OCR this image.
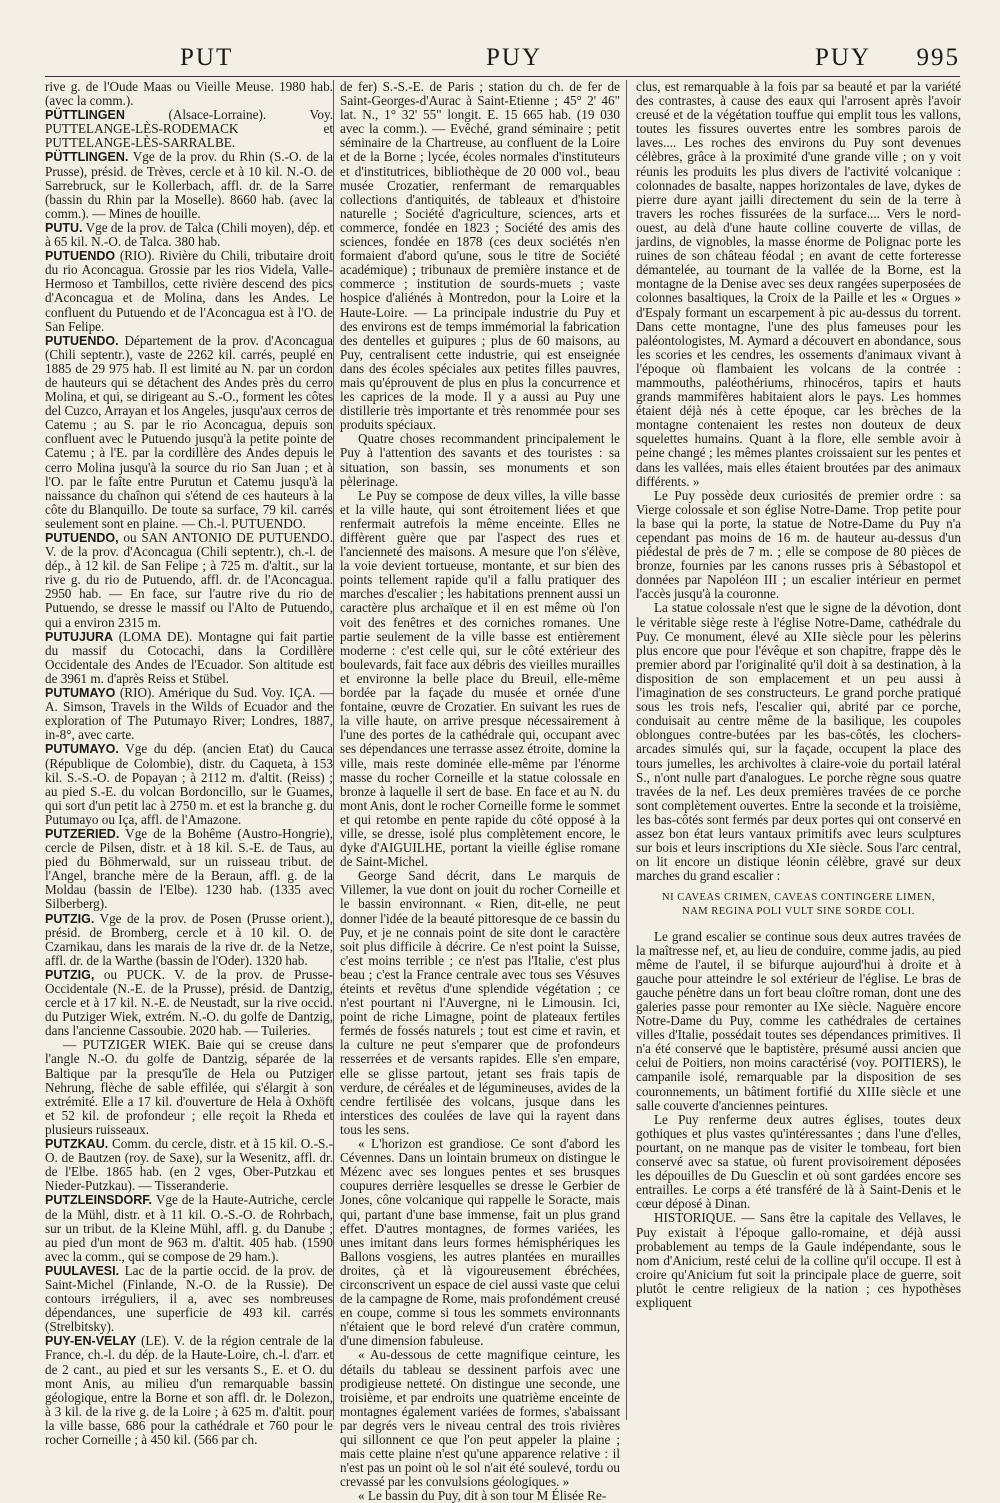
PUT	PUY	PUY 995

rive g. de l'Oude Maas ou Vieille Meuse. 1980 hab. (avec la comm.).

PÜTTLINGEN (Alsace-Lorraine). Voy. PUTTELANGE-LÈS-RODEMACK et PUTTELANGE-LÈS-SARRALBE.

PÜTTLINGEN. Vge de la prov. du Rhin (S.-O. de la Prusse), présid. de Trèves, cercle et à 10 kil. N.-O. de Sarrebruck, sur le Kollerbach, affl. dr. de la Sarre (bassin du Rhin par la Moselle). 8660 hab. (avec la comm.). — Mines de houille.

PUTU. Vge de la prov. de Talca (Chili moyen), dép. et à 65 kil. N.-O. de Talca. 380 hab.

PUTUENDO (RIO). Rivière du Chili, tributaire droit du rio Aconcagua. Grossie par les rios Videla, Valle-Hermoso et Tambillos, cette rivière descend des pics d'Aconcagua et de Molina, dans les Andes. Le confluent du Putuendo et de l'Aconcagua est à l'O. de San Felipe.

PUTUENDO. Département de la prov. d'Aconcagua (Chili septentr.), vaste de 2262 kil. carrés, peuplé en 1885 de 29 975 hab. Il est limité au N. par un cordon de hauteurs qui se détachent des Andes près du cerro Molina, et qui, se dirigeant au S.-O., forment les côtes del Cuzco, Arrayan et los Angeles, jusqu'aux cerros de Catemu ; au S. par le rio Aconcagua, depuis son confluent avec le Putuendo jusqu'à la petite pointe de Catemu ; à l'E. par la cordillère des Andes depuis le cerro Molina jusqu'à la source du rio San Juan ; et à l'O. par le faîte entre Purutun et Catemu jusqu'à la naissance du chaînon qui s'étend de ces hauteurs à la côte du Blanquillo. De toute sa surface, 79 kil. carrés seulement sont en plaine. — Ch.-l. PUTUENDO.

PUTUENDO, ou SAN ANTONIO DE PUTUENDO. V. de la prov. d'Aconcagua (Chili septentr.), ch.-l. de dép., à 12 kil. de San Felipe ; à 725 m. d'altit., sur la rive g. du rio de Putuendo, affl. dr. de l'Aconcagua. 2950 hab. — En face, sur l'autre rive du rio de Putuendo, se dresse le massif ou l'Alto de Putuendo, qui a environ 2315 m.

PUTUJURA (LOMA DE). Montagne qui fait partie du massif du Cotocachi, dans la Cordillère Occidentale des Andes de l'Ecuador. Son altitude est de 3961 m. d'après Reiss et Stübel.

PUTUMAYO (RIO). Amérique du Sud. Voy. IÇA. — A. Simson, Travels in the Wilds of Ecuador and the exploration of The Putumayo River; Londres, 1887, in-8°, avec carte.

PUTUMAYO. Vge du dép. (ancien Etat) du Cauca (République de Colombie), distr. du Caqueta, à 153 kil. S.-S.-O. de Popayan ; à 2112 m. d'altit. (Reiss) ; au pied S.-E. du volcan Bordoncillo, sur le Guames, qui sort d'un petit lac à 2750 m. et est la branche g. du Putumayo ou Iça, affl. de l'Amazone.

PUTZERIED. Vge de la Bohême (Austro-Hongrie), cercle de Pilsen, distr. et à 18 kil. S.-E. de Taus, au pied du Böhmerwald, sur un ruisseau tribut. de l'Angel, branche mère de la Beraun, affl. g. de la Moldau (bassin de l'Elbe). 1230 hab. (1335 avec Silberberg).

PUTZIG. Vge de la prov. de Posen (Prusse orient.), présid. de Bromberg, cercle et à 10 kil. O. de Czarnikau, dans les marais de la rive dr. de la Netze, affl. dr. de la Warthe (bassin de l'Oder). 1320 hab.

PUTZIG, ou PUCK. V. de la prov. de Prusse-Occidentale (N.-E. de la Prusse), présid. de Dantzig, cercle et à 17 kil. N.-E. de Neustadt, sur la rive occid. du Putziger Wiek, extrém. N.-O. du golfe de Dantzig, dans l'ancienne Cassoubie. 2020 hab. — Tuileries.

— PUTZIGER WIEK. Baie qui se creuse dans l'angle N.-O. du golfe de Dantzig, séparée de la Baltique par la presqu'île de Hela ou Putziger Nehrung, flèche de sable effilée, qui s'élargit à son extrémité. Elle a 17 kil. d'ouverture de Hela à Oxhöft et 52 kil. de profondeur ; elle reçoit la Rheda et plusieurs ruisseaux.

PUTZKAU. Comm. du cercle, distr. et à 15 kil. O.-S.-O. de Bautzen (roy. de Saxe), sur la Wesenitz, affl. dr. de l'Elbe. 1865 hab. (en 2 vges, Ober-Putzkau et Nieder-Putzkau). — Tisseranderie.

PUTZLEINSDORF. Vge de la Haute-Autriche, cercle de la Mühl, distr. et à 11 kil. O.-S.-O. de Rohrbach, sur un tribut. de la Kleine Mühl, affl. g. du Danube ; au pied d'un mont de 963 m. d'altit. 405 hab. (1590 avec la comm., qui se compose de 29 ham.).

PUULAVESI. Lac de la partie occid. de la prov. de Saint-Michel (Finlande, N.-O. de la Russie). De contours irréguliers, il a, avec ses nombreuses dépendances, une superficie de 493 kil. carrés (Strelbitsky).

PUY-EN-VELAY (LE). V. de la région centrale de la France, ch.-l. du dép. de la Haute-Loire, ch.-l. d'arr. et de 2 cant., au pied et sur les versants S., E. et O. du mont Anis, au milieu d'un remarquable bassin géologique, entre la Borne et son affl. dr. le Dolezon, à 3 kil. de la rive g. de la Loire ; à 625 m. d'altit. pour la ville basse, 686 pour la cathédrale et 760 pour le rocher Corneille ; à 450 kil. (566 par ch.

de fer) S.-S.-E. de Paris ; station du ch. de fer de Saint-Georges-d'Aurac à Saint-Etienne ; 45° 2' 46" lat. N., 1° 32' 55" longit. E. 15 665 hab. (19 030 avec la comm.). — Evêché, grand séminaire ; petit séminaire de la Chartreuse, au confluent de la Loire et de la Borne ; lycée, écoles normales d'instituteurs et d'institutrices, bibliothèque de 20 000 vol., beau musée Crozatier, renfermant de remarquables collections d'antiquités, de tableaux et d'histoire naturelle ; Société d'agriculture, sciences, arts et commerce, fondée en 1823 ; Société des amis des sciences, fondée en 1878 (ces deux sociétés n'en formaient d'abord qu'une, sous le titre de Société académique) ; tribunaux de première instance et de commerce ; institution de sourds-muets ; vaste hospice d'aliénés à Montredon, pour la Loire et la Haute-Loire. — La principale industrie du Puy et des environs est de temps immémorial la fabrication des dentelles et guipures ; plus de 60 maisons, au Puy, centralisent cette industrie, qui est enseignée dans des écoles spéciales aux petites filles pauvres, mais qu'éprouvent de plus en plus la concurrence et les caprices de la mode. Il y a aussi au Puy une distillerie très importante et très renommée pour ses produits spéciaux.

Quatre choses recommandent principalement le Puy à l'attention des savants et des touristes : sa situation, son bassin, ses monuments et son pèlerinage.

Le Puy se compose de deux villes, la ville basse et la ville haute, qui sont étroitement liées et que renfermait autrefois la même enceinte. Elles ne diffèrent guère que par l'aspect des rues et l'ancienneté des maisons. A mesure que l'on s'élève, la voie devient tortueuse, montante, et sur bien des points tellement rapide qu'il a fallu pratiquer des marches d'escalier ; les habitations prennent aussi un caractère plus archaïque et il en est même où l'on voit des fenêtres et des corniches romanes. Une partie seulement de la ville basse est entièrement moderne : c'est celle qui, sur le côté extérieur des boulevards, fait face aux débris des vieilles murailles et environne la belle place du Breuil, elle-même bordée par la façade du musée et ornée d'une fontaine, œuvre de Crozatier. En suivant les rues de la ville haute, on arrive presque nécessairement à l'une des portes de la cathédrale qui, occupant avec ses dépendances une terrasse assez étroite, domine la ville, mais reste dominée elle-même par l'énorme masse du rocher Corneille et la statue colossale en bronze à laquelle il sert de base. En face et au N. du mont Anis, dont le rocher Corneille forme le sommet et qui retombe en pente rapide du côté opposé à la ville, se dresse, isolé plus complètement encore, le dyke d'AIGUILHE, portant la vieille église romane de Saint-Michel.

George Sand décrit, dans Le marquis de Villemer, la vue dont on jouit du rocher Corneille et le bassin environnant. « Rien, dit-elle, ne peut donner l'idée de la beauté pittoresque de ce bassin du Puy, et je ne connais point de site dont le caractère soit plus difficile à décrire. Ce n'est point la Suisse, c'est moins terrible ; ce n'est pas l'Italie, c'est plus beau ; c'est la France centrale avec tous ses Vésuves éteints et revêtus d'une splendide végétation ; ce n'est pourtant ni l'Auvergne, ni le Limousin. Ici, point de riche Limagne, point de plateaux fertiles fermés de fossés naturels ; tout est cime et ravin, et la culture ne peut s'emparer que de profondeurs resserrées et de versants rapides. Elle s'en empare, elle se glisse partout, jetant ses frais tapis de verdure, de céréales et de légumineuses, avides de la cendre fertilisée des volcans, jusque dans les interstices des coulées de lave qui la rayent dans tous les sens.

« L'horizon est grandiose. Ce sont d'abord les Cévennes. Dans un lointain brumeux on distingue le Mézenc avec ses longues pentes et ses brusques coupures derrière lesquelles se dresse le Gerbier de Jones, cône volcanique qui rappelle le Soracte, mais qui, partant d'une base immense, fait un plus grand effet. D'autres montagnes, de formes variées, les unes imitant dans leurs formes hémisphériques les Ballons vosgiens, les autres plantées en murailles droites, çà et là vigoureusement ébréchées, circonscrivent un espace de ciel aussi vaste que celui de la campagne de Rome, mais profondément creusé en coupe, comme si tous les sommets environnants n'étaient que le bord relevé d'un cratère commun, d'une dimension fabuleuse.

« Au-dessous de cette magnifique ceinture, les détails du tableau se dessinent parfois avec une prodigieuse netteté. On distingue une seconde, une troisième, et par endroits une quatrième enceinte de montagnes également variées de formes, s'abaissant par degrés vers le niveau central des trois rivières qui sillonnent ce que l'on peut appeler la plaine ; mais cette plaine n'est qu'une apparence relative : il n'est pas un point où le sol n'ait été soulevé, tordu ou crevassé par les convulsions géologiques. »

« Le bassin du Puy, dit à son tour M Élisée Re-

clus, est remarquable à la fois par sa beauté et par la variété des contrastes, à cause des eaux qui l'arrosent après l'avoir creusé et de la végétation touffue qui emplit tous les vallons, toutes les fissures ouvertes entre les sombres parois de laves.... Les roches des environs du Puy sont devenues célèbres, grâce à la proximité d'une grande ville ; on y voit réunis les produits les plus divers de l'activité volcanique : colonnades de basalte, nappes horizontales de lave, dykes de pierre dure ayant jailli directement du sein de la terre à travers les roches fissurées de la surface.... Vers le nord-ouest, au delà d'une haute colline couverte de villas, de jardins, de vignobles, la masse énorme de Polignac porte les ruines de son château féodal ; en avant de cette forteresse démantelée, au tournant de la vallée de la Borne, est la montagne de la Denise avec ses deux rangées superposées de colonnes basaltiques, la Croix de la Paille et les « Orgues » d'Espaly formant un escarpement à pic au-dessus du torrent. Dans cette montagne, l'une des plus fameuses pour les paléontologistes, M. Aymard a découvert en abondance, sous les scories et les cendres, les ossements d'animaux vivant à l'époque où flambaient les volcans de la contrée : mammouths, paléothériums, rhinocéros, tapirs et hauts grands mammifères habitaient alors le pays. Les hommes étaient déjà nés à cette époque, car les brèches de la montagne contenaient les restes non douteux de deux squelettes humains. Quant à la flore, elle semble avoir à peine changé ; les mêmes plantes croissaient sur les pentes et dans les vallées, mais elles étaient broutées par des animaux différents. »

Le Puy possède deux curiosités de premier ordre : sa Vierge colossale et son église Notre-Dame. Trop petite pour la base qui la porte, la statue de Notre-Dame du Puy n'a cependant pas moins de 16 m. de hauteur au-dessus d'un piédestal de près de 7 m. ; elle se compose de 80 pièces de bronze, fournies par les canons russes pris à Sébastopol et données par Napoléon III ; un escalier intérieur en permet l'accès jusqu'à la couronne.

La statue colossale n'est que le signe de la dévotion, dont le véritable siège reste à l'église Notre-Dame, cathédrale du Puy. Ce monument, élevé au XIIe siècle pour les pèlerins plus encore que pour l'évêque et son chapitre, frappe dès le premier abord par l'originalité qu'il doit à sa destination, à la disposition de son emplacement et un peu aussi à l'imagination de ses constructeurs. Le grand porche pratiqué sous les trois nefs, l'escalier qui, abrité par ce porche, conduisait au centre même de la basilique, les coupoles oblongues contre-butées par les bas-côtés, les clochers-arcades simulés qui, sur la façade, occupent la place des tours jumelles, les archivoltes à claire-voie du portail latéral S., n'ont nulle part d'analogues. Le porche règne sous quatre travées de la nef. Les deux premières travées de ce porche sont complètement ouvertes. Entre la seconde et la troisième, les bas-côtés sont fermés par deux portes qui ont conservé en assez bon état leurs vantaux primitifs avec leurs sculptures sur bois et leurs inscriptions du XIe siècle. Sous l'arc central, on lit encore un distique léonin célèbre, gravé sur deux marches du grand escalier :

NI CAVEAS CRIMEN, CAVEAS CONTINGERE LIMEN,
NAM REGINA POLI VULT SINE SORDE COLI.

Le grand escalier se continue sous deux autres travées de la maîtresse nef, et, au lieu de conduire, comme jadis, au pied même de l'autel, il se bifurque aujourd'hui à droite et à gauche pour atteindre le sol extérieur de l'église. Le bras de gauche pénètre dans un fort beau cloître roman, dont une des galeries passe pour remonter au IXe siècle. Naguère encore Notre-Dame du Puy, comme les cathédrales de certaines villes d'Italie, possédait toutes ses dépendances primitives. Il n'a été conservé que le baptistère, présumé aussi ancien que celui de Poitiers, non moins caractérisé (voy. POITIERS), le campanile isolé, remarquable par la disposition de ses couronnements, un bâtiment fortifié du XIIIe siècle et une salle couverte d'anciennes peintures.

Le Puy renferme deux autres églises, toutes deux gothiques et plus vastes qu'intéressantes ; dans l'une d'elles, pourtant, on ne manque pas de visiter le tombeau, fort bien conservé avec sa statue, où furent provisoirement déposées les dépouilles de Du Guesclin et où sont gardées encore ses entrailles. Le corps a été transféré de là à Saint-Denis et le cœur déposé à Dinan.

HISTORIQUE. — Sans être la capitale des Vellaves, le Puy existait à l'époque gallo-romaine, et déjà aussi probablement au temps de la Gaule indépendante, sous le nom d'Anicium, resté celui de la colline qu'il occupe. Il est à croire qu'Anicium fut soit la principale place de guerre, soit plutôt le centre religieux de la nation ; ces hypothèses expliquent
